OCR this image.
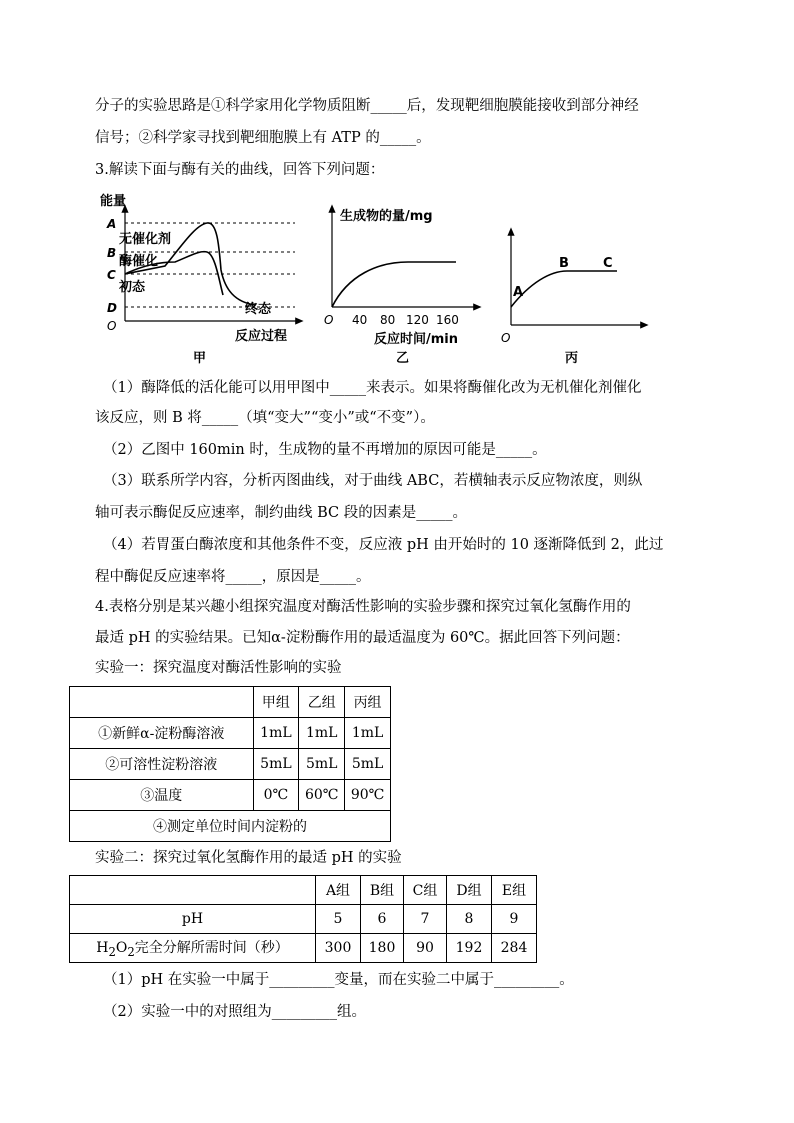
分子的实验思路是①科学家用化学物质阻断_____后，发现靶细胞膜能接收到部分神经
信号；②科学家寻找到靶细胞膜上有 ATP 的_____。
3.解读下面与酶有关的曲线，回答下列问题：
能量
A
B
C
D
O
无催化剂
酶催化
初态
终态
反应过程
甲
生成物的量/mg
O 40 80 120 160
反应时间/min
乙
A
B	C
O
丙
（1）酶降低的活化能可以用甲图中_____来表示。如果将酶催化改为无机催化剂催化
该反应，则 B 将_____（填“变大”“变小”或“不变”）。
（2）乙图中 160min 时，生成物的量不再增加的原因可能是_____。
（3）联系所学内容，分析丙图曲线，对于曲线 ABC，若横轴表示反应物浓度，则纵
轴可表示酶促反应速率，制约曲线 BC 段的因素是_____。
（4）若胃蛋白酶浓度和其他条件不变，反应液 pH 由开始时的 10 逐渐降低到 2，此过
程中酶促反应速率将_____，原因是_____。
4.表格分别是某兴趣小组探究温度对酶活性影响的实验步骤和探究过氧化氢酶作用的
最适 pH 的实验结果。已知α-淀粉酶作用的最适温度为 60℃。据此回答下列问题：
实验一：探究温度对酶活性影响的实验
	甲组	乙组	丙组
①新鲜α-淀粉酶溶液	1mL	1mL	1mL
②可溶性淀粉溶液	5mL	5mL	5mL
③温度	0℃	60℃	90℃
④测定单位时间内淀粉的			
实验二：探究过氧化氢酶作用的最适 pH 的实验
	A组	B组	C组	D组	E组
pH	5	6	7	8	9
$H_2O_2$完全分解所需时间（秒）	300	180	90	192	284
（1）pH 在实验一中属于_________变量，而在实验二中属于_________。
（2）实验一中的对照组为_________组。
